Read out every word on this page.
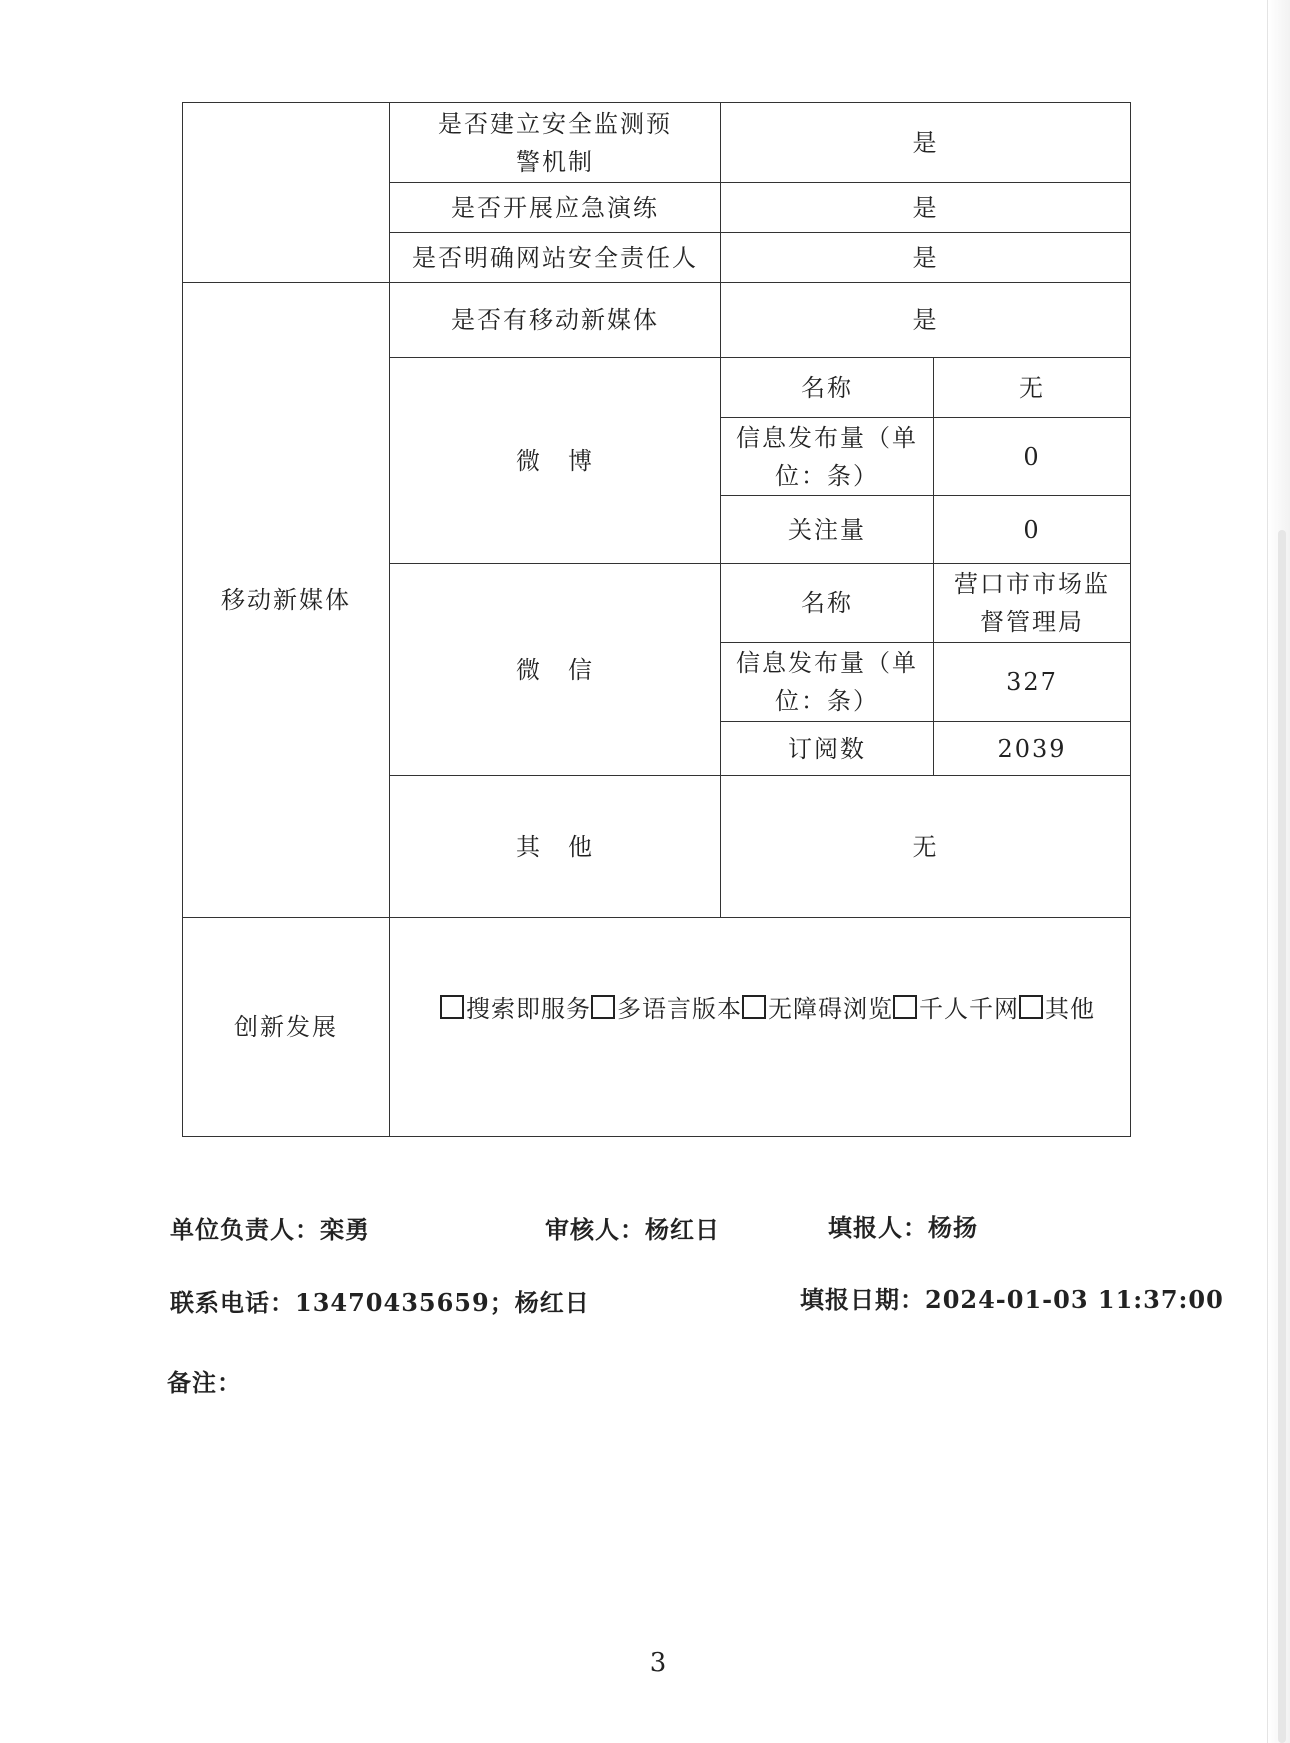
	是否建立安全监测预警机制	是	
	是否开展应急演练	是	
	是否明确网站安全责任人	是	
移动新媒体	是否有移动新媒体	是	
	微　博	名称	无
		信息发布量（单位：条）	0
		关注量	0
	微　信	名称	营口市市场监督管理局
		信息发布量（单位：条）	327
		订阅数	2039
	其　他	无	
创新发展	搜索即服务 多语言版本 无障碍浏览 千人千网 其他		
单位负责人：栾勇	审核人：杨红日	填报人：杨扬
联系电话：13470435659；杨红日	填报日期：2024-01-03 11:37:00
备注：
3
